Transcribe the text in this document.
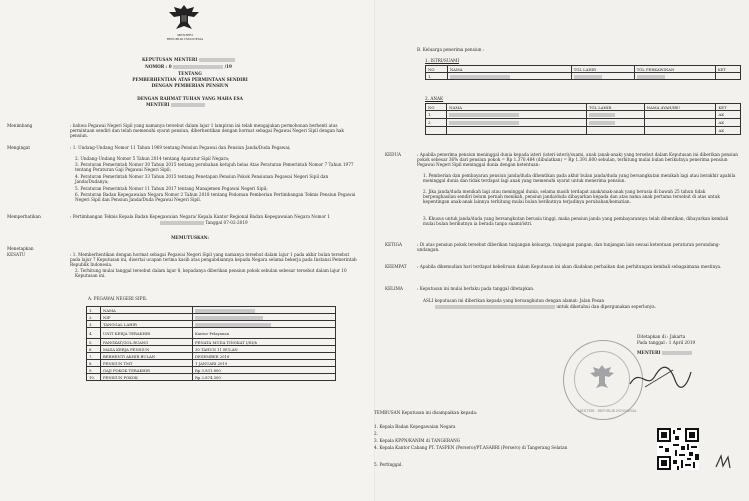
MENTERI
REPUBLIK INDONESIA
KEPUTUSAN MENTERI
NOMOR : 0	/19
TENTANG
PEMBERHENTIAN ATAS PERMINTAAN SENDIRI
DENGAN PEMBERIAN PENSIUN
DENGAN RAHMAT TUHAN YANG MAHA ESA
MENTERI
Menimbang	: bahwa Pegawai Negeri Sipil yang namanya tersebut dalam lajur 1 lampiran ini telah mengajukan permohonan berhenti atas permintaan sendiri dan telah memenuhi syarat pensiun, diberhentikan dengan hormat sebagai Pegawai Negeri Sipil dengan hak pensiun.
Mengingat	: 1. Undang-Undang Nomor 11 Tahun 1969 tentang Pensiun Pegawai dan Pensiun Janda/Duda Pegawai;
2. Undang-Undang Nomor 5 Tahun 2014 tentang Aparatur Sipil Negara;
3. Peraturan Pemerintah Nomor 30 Tahun 2015 tentang perubahan ketujuh belas Atas Peraturan Pemerintah Nomor 7 Tahun 1977 tentang Peraturan Gaji Pegawai Negeri Sipil;
4. Peraturan Pemerintah Nomor 33 Tahun 2015 tentang Penetapan Pensiun Pokok Pensiunan Pegawai Negeri Sipil dan Janda/Dudanya;
5. Peraturan Pemerintah Nomor 11 Tahun 2017 tentang Manajemen Pegawai Negeri Sipil;
6. Peraturan Badan Kepegawaian Negara Nomor 2 Tahun 2018 tentang Pedoman Pemberian Pertimbangan Teknis Pensiun Pegawai Negeri Sipil dan Pensiun Janda/Duda Pegawai Negeri Sipil.
Memperhatikan	: Pertimbangan Teknis Kepala Badan Kepegawaian Negara/ Kepala Kantor Regional Badan Kepegawaian Negara Nomor 1
Tanggal 07-02-2019
MEMUTUSKAN:
Menetapkan
KESATU	: 1. Memberhentikan dengan hormat sebagai Pegawai Negeri Sipil yang namanya tersebut dalam lajur 1 pada akhir bulan tersebut pada lajur 7 Keputusan ini, disertai ucapan terima kasih atas pengabdiannya kepada Negara selama bekerja pada Instansi Pemerintah Republik Indonesia.
2. Terhitung mulai tanggal tersebut dalam lajur 8, kepadanya diberikan pensiun pokok sebulan sebesar tersebut dalam lajur 10 Keputusan ini.
A. PEGAWAI NEGERI SIPIL
1.	NAMA	
2.	NIP	
3.	TANGGAL LAHIR	
4.	UNIT KERJA TERAKHIR	Kantor Pelayanan
5.	PANGKAT/GOL.RUANG	PENATA MUDA TINGKAT I/III/b
6.	MASA KERJA PENSIUN	30 TAHUN 11 BULAN
7.	BERHENTI AKHIR BULAN	DESEMBER 2018
8.	PENSIUN TMT	1 JANUARI 2019
9.	GAJI POKOK TERAKHIR	Rp 3.831.800
10.	PENSIUN POKOK	Rp 2.874.300
B. Keluarga penerima pensiun :
1. ISTRI/SUAMI
NO	NAMA	TGL LAHIR	TGL PERKAWINAN	KET
1.				
2. ANAK
NO	NAMA	TGL LAHIR	NAMA AYAH/IBU	KET
1.				AK
2.				AK
				AK
KEDUA	: Apabila penerima pensiun meninggal dunia kepada isteri (isteri-isteri)/suami, anak (anak-anak) yang tersebut dalam Keputusan ini diberikan pensiun pokok sebesar 36% dari pensiun pokok = Rp 1.370.484 (dibulatkan) = Rp 1.391.800 sebulan, terhitung mulai bulan berikutnya penerima pensiun Pegawai Negeri Sipil meninggal dunia dengan ketentuan:
1. Pemberian dan pembayaran pensiun janda/duda dihentikan pada akhir bulan janda/duda yang bersangkutan menikah lagi atau berakhir apabila meninggal dunia dan tidak terdapat lagi anak yang memenuhi syarat untuk menerima pensiun.
2. Jika janda/duda menikah lagi atau meninggal dunia, selama masih terdapat anak/anak-anak yang berusia di bawah 25 tahun tidak berpenghasilan sendiri belum pernah menikah, pensiun janda/duda dibayarkan kepada dan atas nama anak pertama tersebut di atas untuk kepentingan anak-anak lainnya terhitung mulai bulan berikutnya terjadinya perubahan/kematian.
3. Khusus untuk janda/duda yang bersangkutan berusia tinggi, maka pensiun janda yang pembayarannya telah dihentikan, dibayarkan kembali mulai bulan berikutnya ia berada tanpa suami/istri.
KETIGA	: Di atas pensiun pokok tersebut diberikan tunjangan keluarga, tunjangan pangan, dan tunjangan lain sesuai ketentuan peraturan perundang-undangan.
KEEMPAT : Apabila dikemudian hari terdapat kekeliruan dalam Keputusan ini akan diadakan perbaikan dan perhitungan kembali sebagaimana mestinya.
KELIMA	: Keputusan ini mulai berlaku pada tanggal ditetapkan.
ASLI keputusan ini diberikan kepada yang bersangkutan dengan alamat: Jalan Pesan
untuk diketahui dan dipergunakan seperlunya.
Ditetapkan di : Jakarta
Pada tanggal : 1 April 2019
MENTERI
MENTERI · REPUBLIK INDONESIA
TEMBUSAN Keputusan ini disampaikan kepada:
1. Kepala Badan Kepegawaian Negara
2.
3. Kepala KPPN/KANIM di TANGERANG
4. Kepala Kantor Cabang PT. TASPEN (Persero)/PT.ASABRI (Persero) di Tangerang Selatan
5. Pertinggal.
